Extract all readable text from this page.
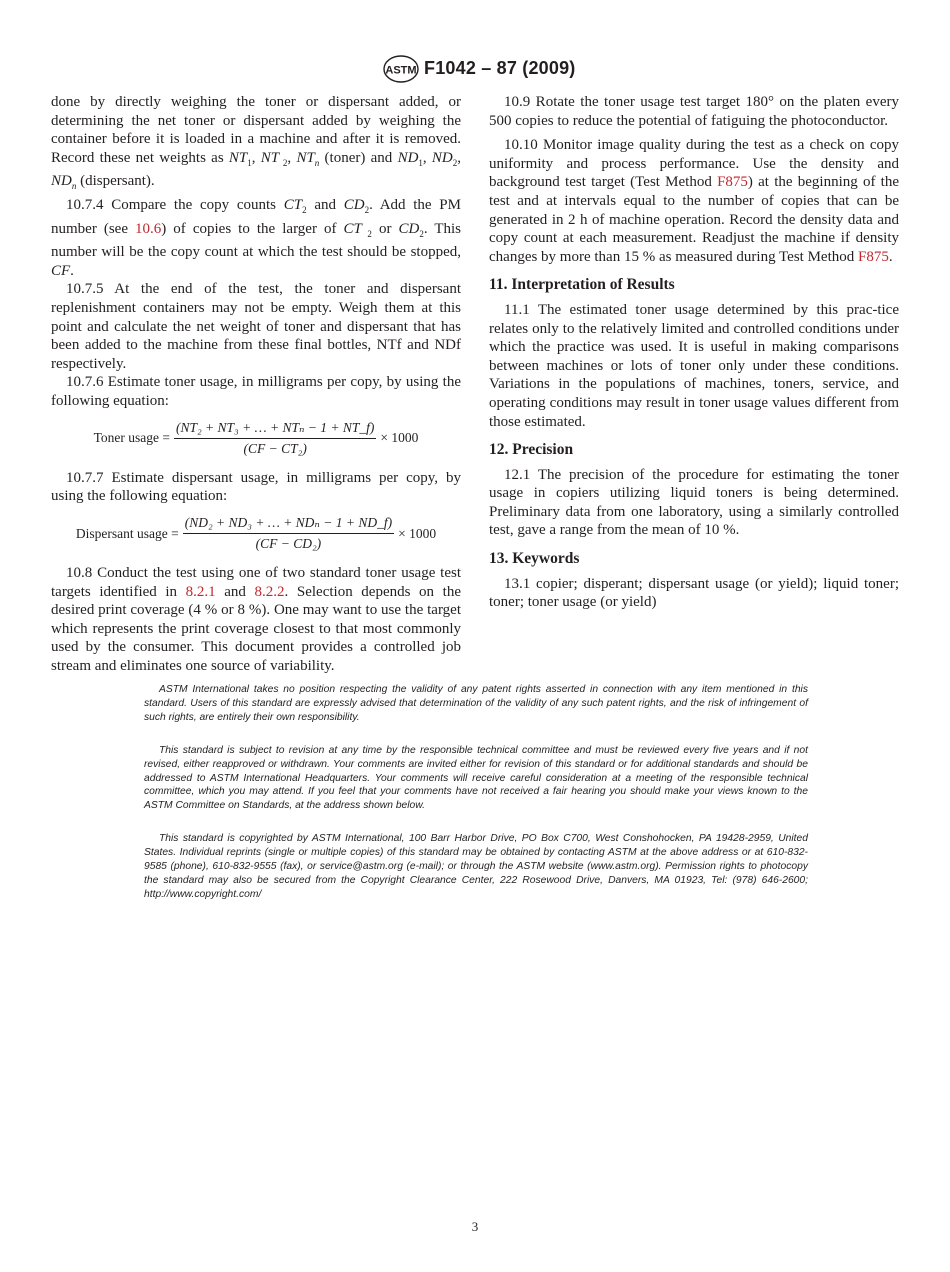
ASTM F1042 – 87 (2009)

done by directly weighing the toner or dispersant added, or determining the net toner or dispersant added by weighing the container before it is loaded in a machine and after it is removed. Record these net weights as $NT_1$, NT $_2$, $NT_n$ (toner) and $ND_1$, $ND_2$, $ND_n$ (dispersant).

10.7.4 Compare the copy counts $CT_2$ and $CD_2$. Add the PM number (see 10.6) of copies to the larger of CT $_2$ or $CD_2$. This number will be the copy count at which the test should be stopped, CF.

10.7.5 At the end of the test, the toner and dispersant replenishment containers may not be empty. Weigh them at this point and calculate the net weight of toner and dispersant that has been added to the machine from these final bottles, NTf and NDf respectively.

10.7.6 Estimate toner usage, in milligrams per copy, by using the following equation:

Toner usage = $\frac{\text{(NT₂ + NT₃ + … + NTₙ − 1 + NT\_f)}}{\text{(CF − CT₂)}} \times 1000$

10.7.7 Estimate dispersant usage, in milligrams per copy, by using the following equation:

Dispersant usage = $\frac{\text{(ND₂ + ND₃ + … + NDₙ − 1 + ND\_f)}}{\text{(CF − CD₂)}} \times 1000$

10.8 Conduct the test using one of two standard toner usage test targets identified in 8.2.1 and 8.2.2. Selection depends on the desired print coverage (4 % or 8 %). One may want to use the target which represents the print coverage closest to that most commonly used by the consumer. This document provides a controlled job stream and eliminates one source of variability.

10.9 Rotate the toner usage test target 180° on the platen every 500 copies to reduce the potential of fatiguing the photoconductor.

10.10 Monitor image quality during the test as a check on copy uniformity and process performance. Use the density and background test target (Test Method F875) at the beginning of the test and at intervals equal to the number of copies that can be generated in 2 h of machine operation. Record the density data and copy count at each measurement. Readjust the machine if density changes by more than 15 % as measured during Test Method F875.

11. Interpretation of Results

11.1 The estimated toner usage determined by this prac-tice relates only to the relatively limited and controlled conditions under which the practice was used. It is useful in making comparisons between machines or lots of toner only under these conditions. Variations in the populations of machines, toners, service, and operating conditions may result in toner usage values different from those estimated.

12. Precision

12.1 The precision of the procedure for estimating the toner usage in copiers utilizing liquid toners is being determined. Preliminary data from one laboratory, using a similarly controlled test, gave a range from the mean of 10 %.

13. Keywords

13.1 copier; disperant; dispersant usage (or yield); liquid toner; toner; toner usage (or yield)

ASTM International takes no position respecting the validity of any patent rights asserted in connection with any item mentioned in this standard. Users of this standard are expressly advised that determination of the validity of any such patent rights, and the risk of infringement of such rights, are entirely their own responsibility.

This standard is subject to revision at any time by the responsible technical committee and must be reviewed every five years and if not revised, either reapproved or withdrawn. Your comments are invited either for revision of this standard or for additional standards and should be addressed to ASTM International Headquarters. Your comments will receive careful consideration at a meeting of the responsible technical committee, which you may attend. If you feel that your comments have not received a fair hearing you should make your views known to the ASTM Committee on Standards, at the address shown below.

This standard is copyrighted by ASTM International, 100 Barr Harbor Drive, PO Box C700, West Conshohocken, PA 19428-2959, United States. Individual reprints (single or multiple copies) of this standard may be obtained by contacting ASTM at the above address or at 610-832-9585 (phone), 610-832-9555 (fax), or service@astm.org (e-mail); or through the ASTM website (www.astm.org). Permission rights to photocopy the standard may also be secured from the Copyright Clearance Center, 222 Rosewood Drive, Danvers, MA 01923, Tel: (978) 646-2600; http://www.copyright.com/

3
